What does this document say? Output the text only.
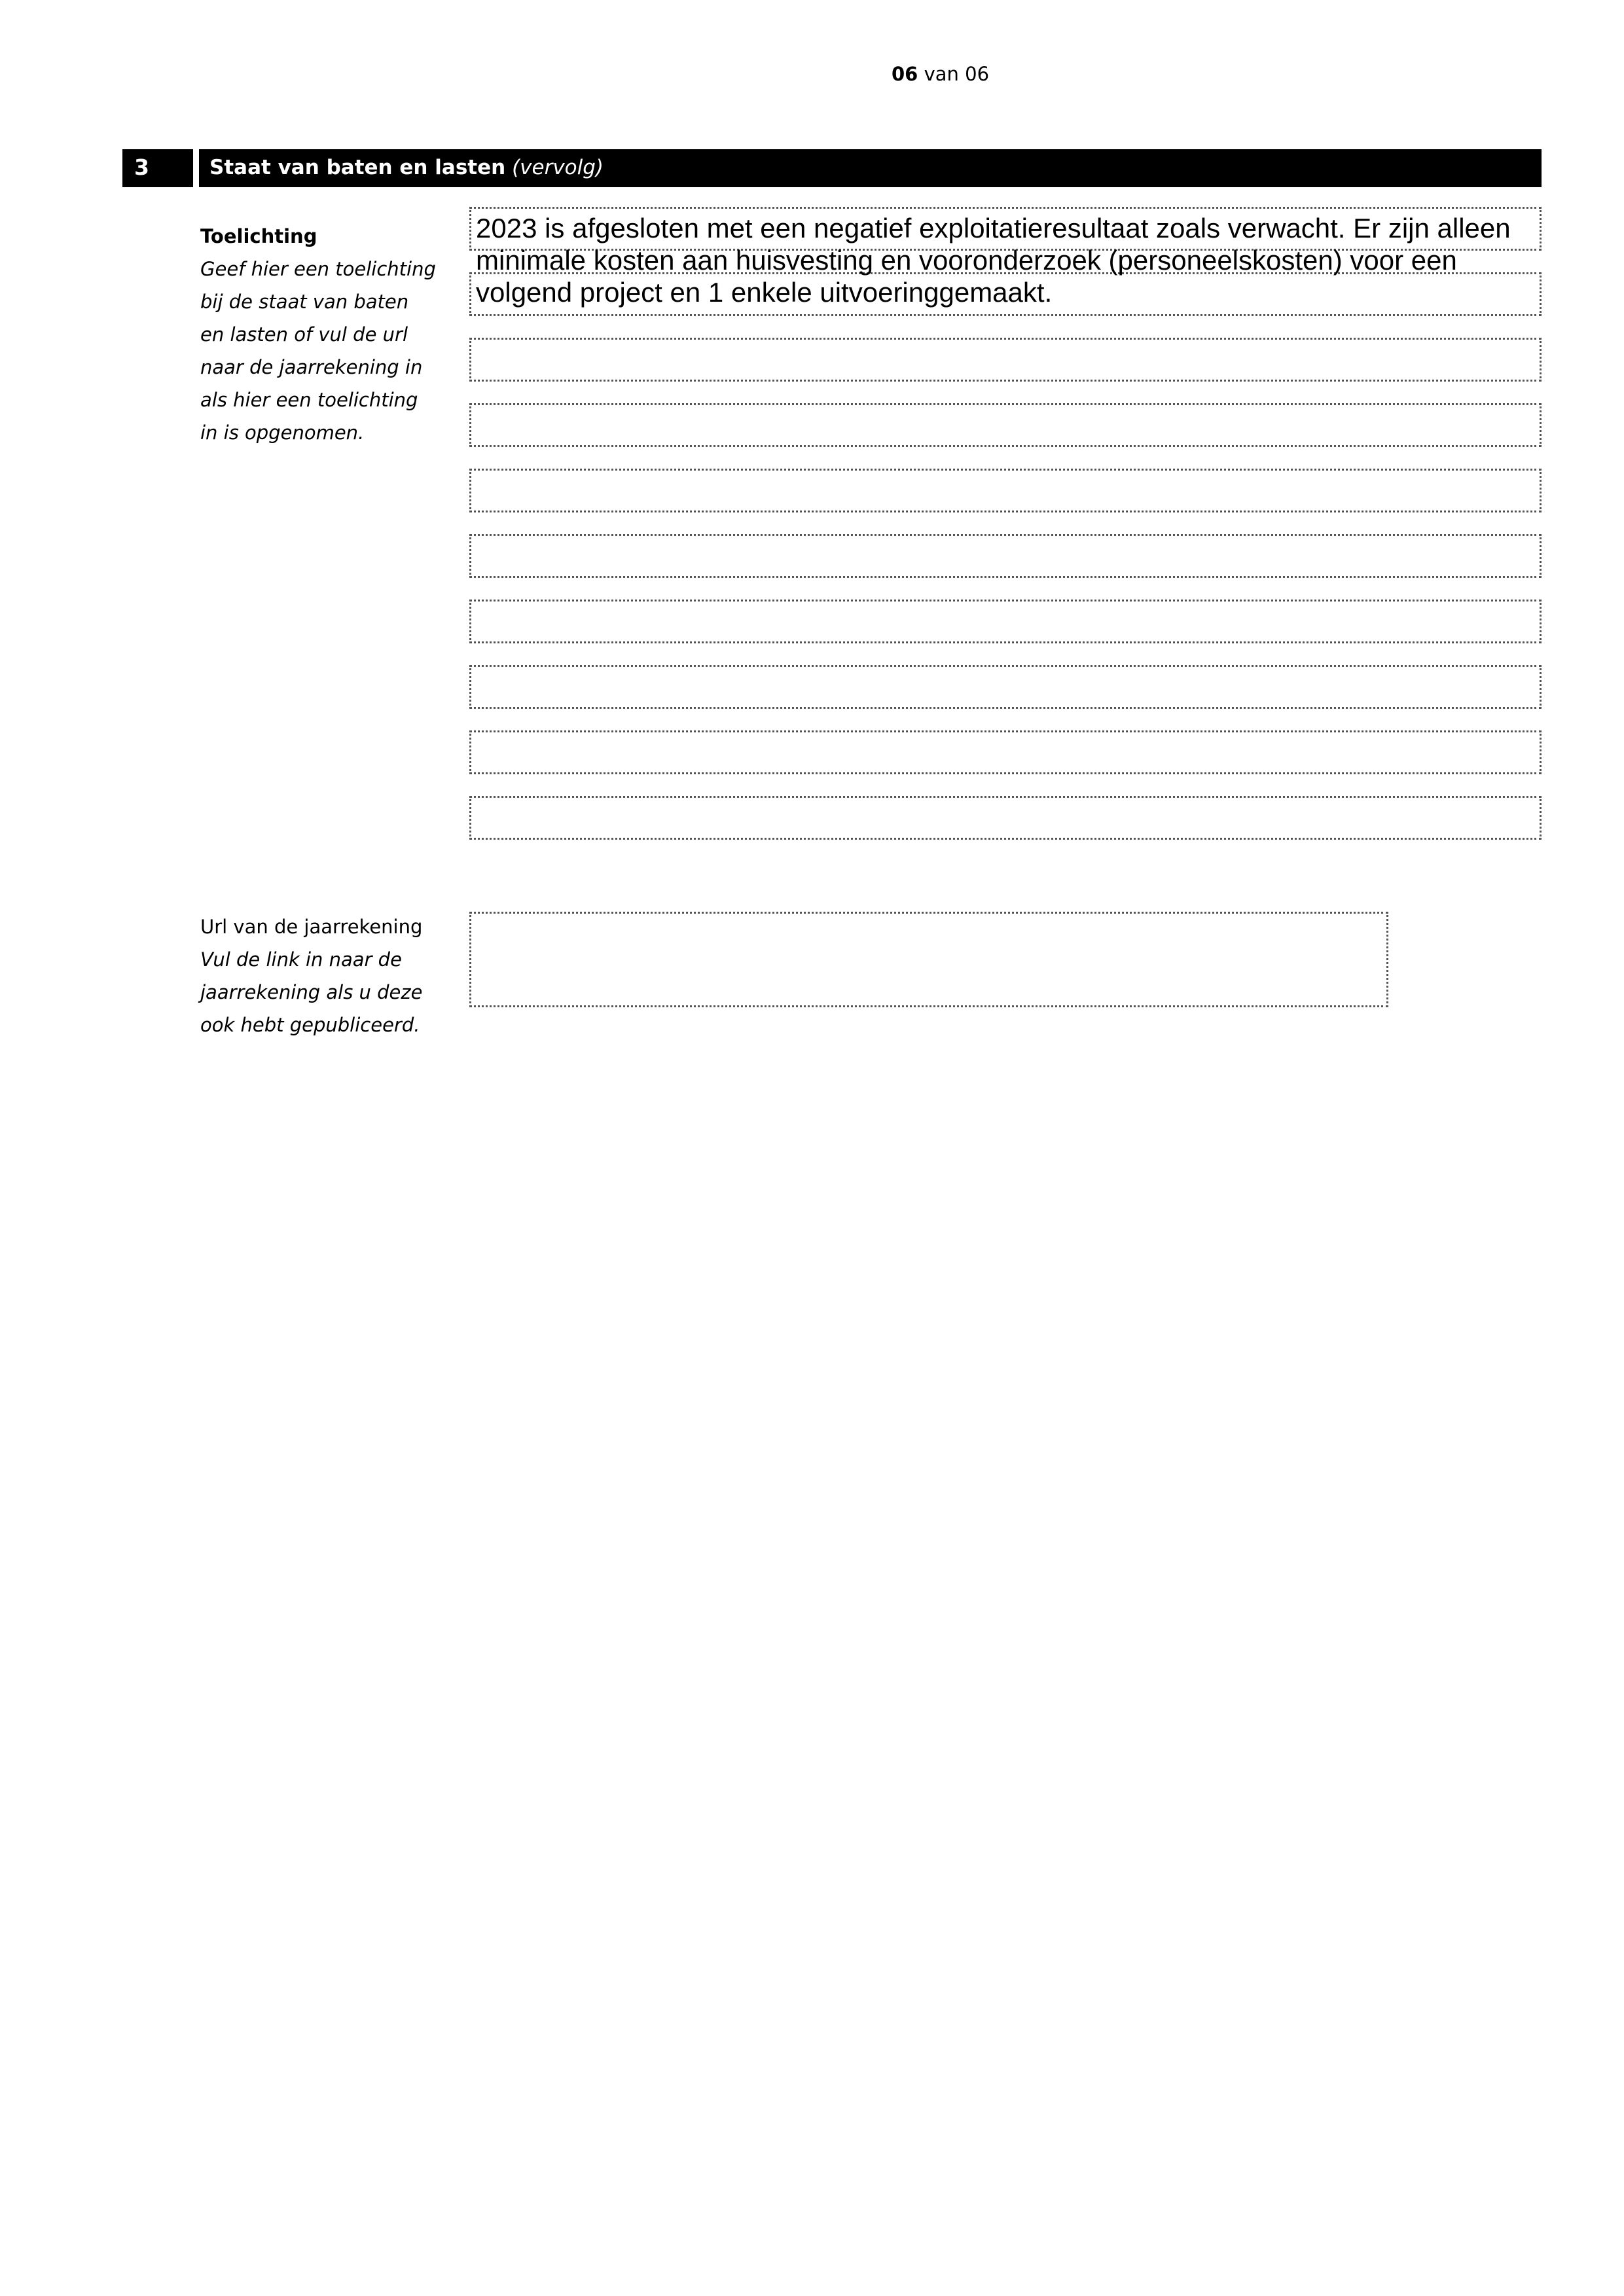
06 van 06
3	Staat van baten en lasten (vervolg)
Toelichting
Geef hier een toelichting bij de staat van baten en lasten of vul de url naar de jaarrekening in als hier een toelichting in is opgenomen.
2023 is afgesloten met een negatief exploitatieresultaat zoals verwacht. Er zijn alleen minimale kosten aan huisvesting en vooronderzoek (personeelskosten) voor een volgend project en 1 enkele uitvoeringgemaakt.
Url van de jaarrekening
Vul de link in naar de jaarrekening als u deze ook hebt gepubliceerd.
